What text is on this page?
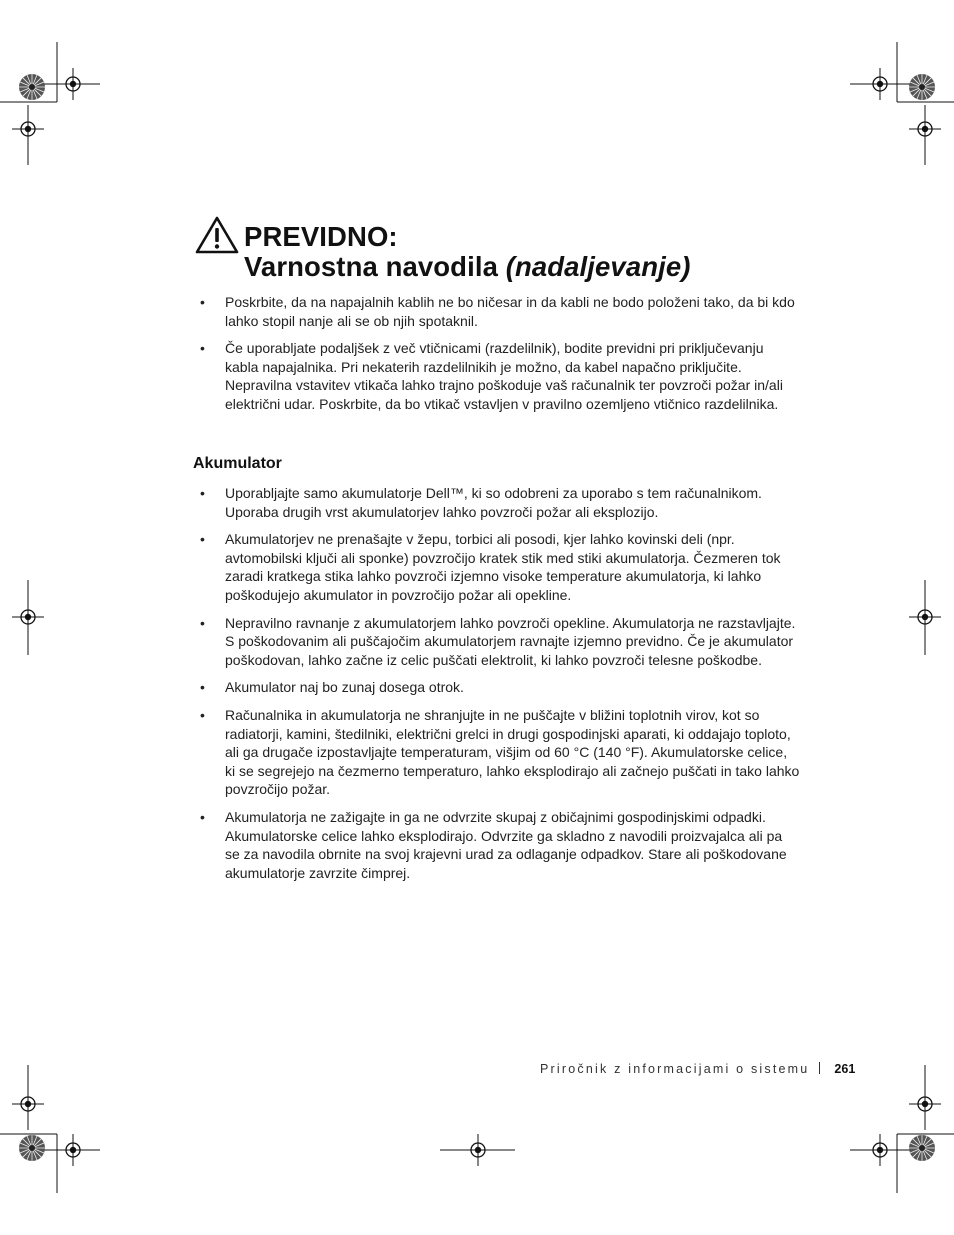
PREVIDNO:
Varnostna navodila (nadaljevanje)
• Poskrbite, da na napajalnih kablih ne bo ničesar in da kabli ne bodo položeni tako, da bi kdo lahko stopil nanje ali se ob njih spotaknil.
• Če uporabljate podaljšek z več vtičnicami (razdelilnik), bodite previdni pri priključevanju kabla napajalnika. Pri nekaterih razdelilnikih je možno, da kabel napačno priključite. Nepravilna vstavitev vtikača lahko trajno poškoduje vaš računalnik ter povzroči požar in/ali električni udar. Poskrbite, da bo vtikač vstavljen v pravilno ozemljeno vtičnico razdelilnika.
Akumulator
• Uporabljajte samo akumulatorje Dell™, ki so odobreni za uporabo s tem računalnikom. Uporaba drugih vrst akumulatorjev lahko povzroči požar ali eksplozijo.
• Akumulatorjev ne prenašajte v žepu, torbici ali posodi, kjer lahko kovinski deli (npr. avtomobilski ključi ali sponke) povzročijo kratek stik med stiki akumulatorja. Čezmeren tok zaradi kratkega stika lahko povzroči izjemno visoke temperature akumulatorja, ki lahko poškodujejo akumulator in povzročijo požar ali opekline.
• Nepravilno ravnanje z akumulatorjem lahko povzroči opekline. Akumulatorja ne razstavljajte. S poškodovanim ali puščajočim akumulatorjem ravnajte izjemno previdno. Če je akumulator poškodovan, lahko začne iz celic puščati elektrolit, ki lahko povzroči telesne poškodbe.
• Akumulator naj bo zunaj dosega otrok.
• Računalnika in akumulatorja ne shranjujte in ne puščajte v bližini toplotnih virov, kot so radiatorji, kamini, štedilniki, električni grelci in drugi gospodinjski aparati, ki oddajajo toploto, ali ga drugače izpostavljajte temperaturam, višjim od 60 °C (140 °F). Akumulatorske celice, ki se segrejejo na čezmerno temperaturo, lahko eksplodirajo ali začnejo puščati in tako lahko povzročijo požar.
• Akumulatorja ne zažigajte in ga ne odvrzite skupaj z običajnimi gospodinjskimi odpadki. Akumulatorske celice lahko eksplodirajo. Odvrzite ga skladno z navodili proizvajalca ali pa se za navodila obrnite na svoj krajevni urad za odlaganje odpadkov. Stare ali poškodovane akumulatorje zavrzite čimprej.
Priročnik z informacijami o sistemu 261
